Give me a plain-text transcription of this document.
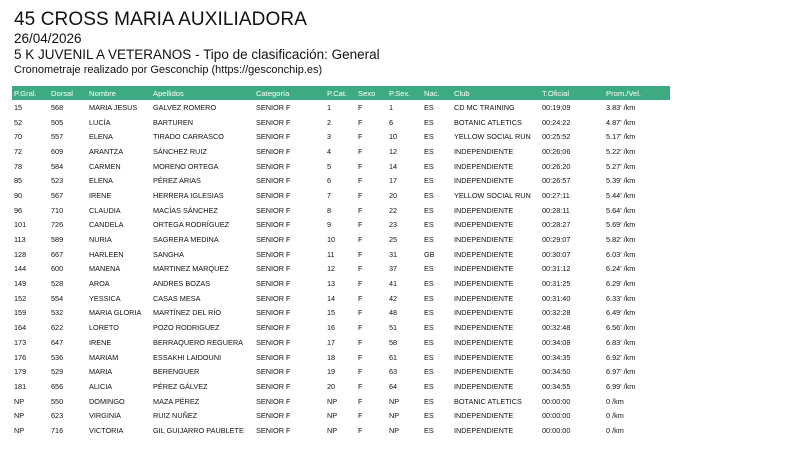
45 CROSS MARIA AUXILIADORA
26/04/2026
5 K JUVENIL A VETERANOS - Tipo de clasificación: General
Cronometraje realizado por Gesconchip (https://gesconchip.es)
P.Gral.	Dorsal	Nombre	Apellidos	Categoría	P.Cat.	Sexo	P.Sex.	Nac.	Club	T.Oficial	Prom./Vel.
15	568	MARIA JESUS	GALVEZ ROMERO	SENIOR F	1	F	1	ES	CD MC TRAINING	00:19:09	3.83' /km
52	505	LUCÍA	BARTUREN	SENIOR F	2	F	6	ES	BOTANIC ATLETICS	00:24:22	4.87' /km
70	557	ELENA	TIRADO CARRASCO	SENIOR F	3	F	10	ES	YELLOW SOCIAL RUN	00:25:52	5.17' /km
72	609	ARANTZA	SÁNCHEZ RUIZ	SENIOR F	4	F	12	ES	INDEPENDIENTE	00:26:06	5.22' /km
78	584	CARMEN	MORENO ORTEGA	SENIOR F	5	F	14	ES	INDEPENDIENTE	00:26:20	5.27' /km
85	523	ELENA	PÉREZ ARIAS	SENIOR F	6	F	17	ES	INDEPENDIENTE	00:26:57	5.39' /km
90	567	IRENE	HERRERA IGLESIAS	SENIOR F	7	F	20	ES	YELLOW SOCIAL RUN	00:27:11	5.44' /km
96	710	CLAUDIA	MACÍAS SÁNCHEZ	SENIOR F	8	F	22	ES	INDEPENDIENTE	00:28:11	5.64' /km
101	726	CANDELA	ORTEGA RODRÍGUEZ	SENIOR F	9	F	23	ES	INDEPENDIENTE	00:28:27	5.69' /km
113	589	NURIA	SAGRERA MEDINA	SENIOR F	10	F	25	ES	INDEPENDIENTE	00:29:07	5.82' /km
128	667	HARLEEN	SANGHA	SENIOR F	11	F	31	GB	INDEPENDIENTE	00:30:07	6.03' /km
144	600	MANENA	MARTINEZ MARQUEZ	SENIOR F	12	F	37	ES	INDEPENDIENTE	00:31:12	6.24' /km
149	528	AROA	ANDRES BOZAS	SENIOR F	13	F	41	ES	INDEPENDIENTE	00:31:25	6.29' /km
152	554	YESSICA	CASAS MESA	SENIOR F	14	F	42	ES	INDEPENDIENTE	00:31:40	6.33' /km
159	532	MARIA GLORIA	MARTÍNEZ DEL RÍO	SENIOR F	15	F	48	ES	INDEPENDIENTE	00:32:28	6.49' /km
164	622	LORETO	POZO RODRIGUEZ	SENIOR F	16	F	51	ES	INDEPENDIENTE	00:32:48	6.56' /km
173	647	IRENE	BERRAQUERO REGUERA	SENIOR F	17	F	58	ES	INDEPENDIENTE	00:34:08	6.83' /km
176	536	MARIAM	ESSAKHI LAIDOUNI	SENIOR F	18	F	61	ES	INDEPENDIENTE	00:34:35	6.92' /km
179	529	MARIA	BERENGUER	SENIOR F	19	F	63	ES	INDEPENDIENTE	00:34:50	6.97' /km
181	656	ALICIA	PÉREZ GÁLVEZ	SENIOR F	20	F	64	ES	INDEPENDIENTE	00:34:55	6.99' /km
NP	550	DOMINGO	MAZA PÉREZ	SENIOR F	NP	F	NP	ES	BOTANIC ATLETICS	00:00:00	0 /km
NP	623	VIRGINIA	RUIZ NUÑEZ	SENIOR F	NP	F	NP	ES	INDEPENDIENTE	00:00:00	0 /km
NP	716	VICTORIA	GIL GUIJARRO PAUBLETE	SENIOR F	NP	F	NP	ES	INDEPENDIENTE	00:00:00	0 /km
